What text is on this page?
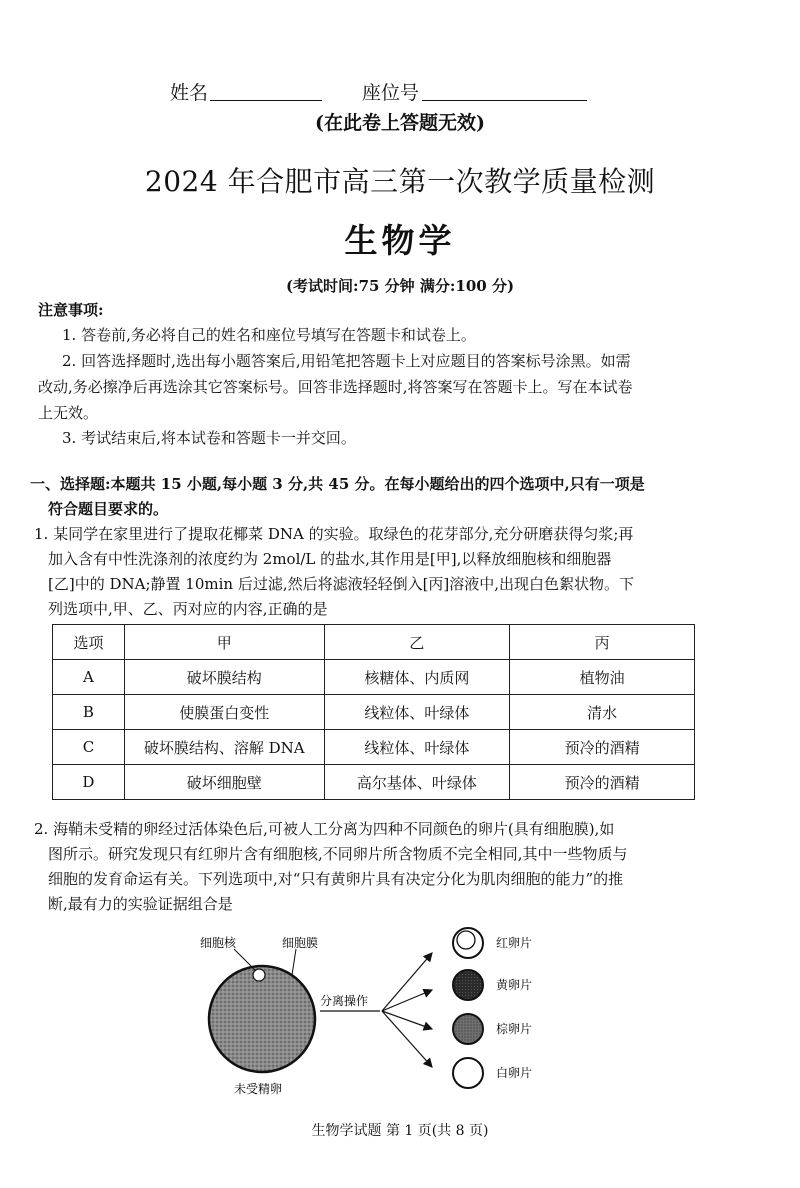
姓名	座位号
(在此卷上答题无效)
2024 年合肥市高三第一次教学质量检测
生物学
(考试时间:75 分钟 满分:100 分)
注意事项:
1. 答卷前,务必将自己的姓名和座位号填写在答题卡和试卷上。
2. 回答选择题时,选出每小题答案后,用铅笔把答题卡上对应题目的答案标号涂黑。如需
改动,务必擦净后再选涂其它答案标号。回答非选择题时,将答案写在答题卡上。写在本试卷
上无效。
3. 考试结束后,将本试卷和答题卡一并交回。
一、选择题:本题共 15 小题,每小题 3 分,共 45 分。在每小题给出的四个选项中,只有一项是
符合题目要求的。
1. 某同学在家里进行了提取花椰菜 DNA 的实验。取绿色的花芽部分,充分研磨获得匀浆;再
加入含有中性洗涤剂的浓度约为 2mol/L 的盐水,其作用是[甲],以释放细胞核和细胞器
[乙]中的 DNA;静置 10min 后过滤,然后将滤液轻轻倒入[丙]溶液中,出现白色絮状物。下
列选项中,甲、乙、丙对应的内容,正确的是
选项	甲	乙	丙
A	破坏膜结构	核糖体、内质网	植物油
B	使膜蛋白变性	线粒体、叶绿体	清水
C	破坏膜结构、溶解 DNA	线粒体、叶绿体	预冷的酒精
D	破坏细胞壁	高尔基体、叶绿体	预冷的酒精
2. 海鞘未受精的卵经过活体染色后,可被人工分离为四种不同颜色的卵片(具有细胞膜),如
图所示。研究发现只有红卵片含有细胞核,不同卵片所含物质不完全相同,其中一些物质与
细胞的发育命运有关。下列选项中,对“只有黄卵片具有决定分化为肌肉细胞的能力”的推
断,最有力的实验证据组合是
细胞核	细胞膜
未受精卵
分离操作
红卵片
黄卵片
棕卵片
白卵片
生物学试题 第 1 页(共 8 页)
